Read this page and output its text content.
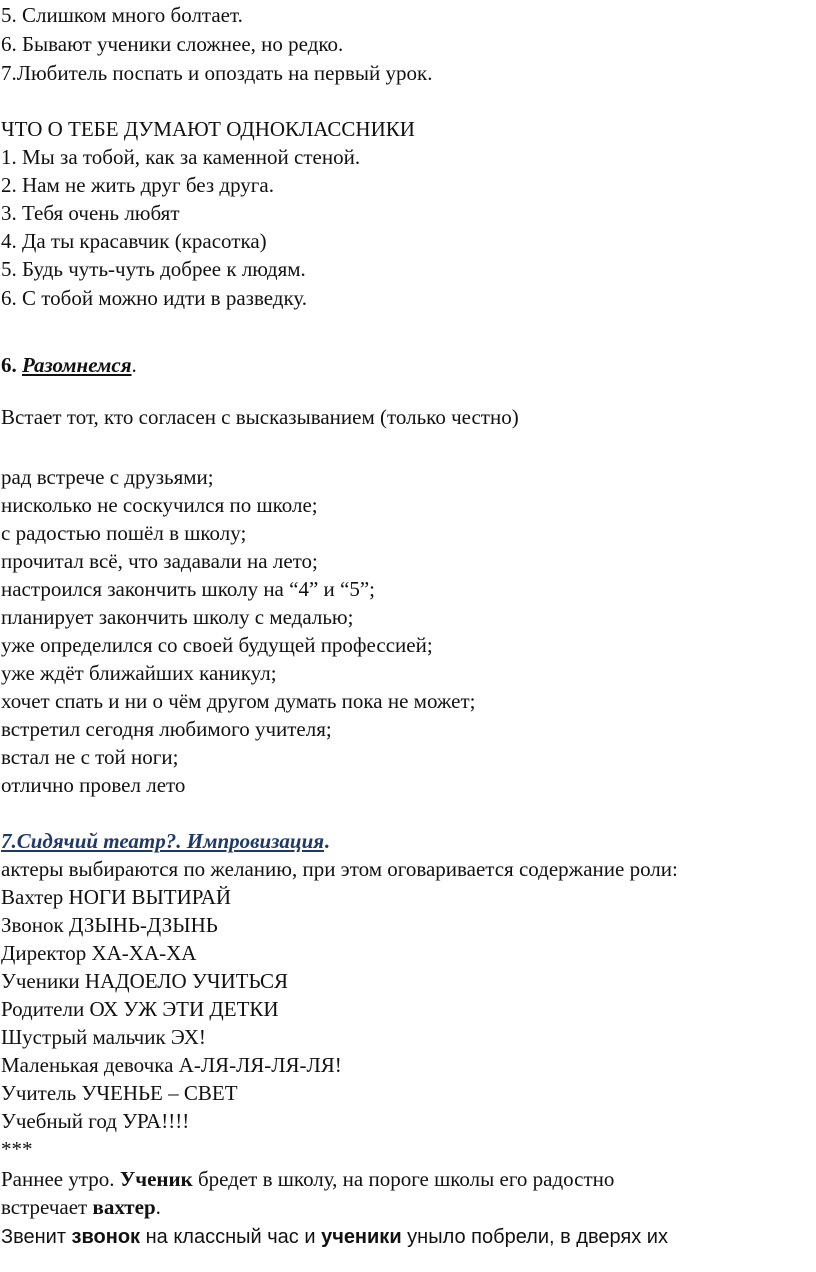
5. Слишком много болтает.
6. Бывают ученики сложнее, но редко.
7.Любитель поспать и опоздать на первый урок.
ЧТО О ТЕБЕ ДУМАЮТ ОДНОКЛАССНИКИ
1. Мы за тобой, как за каменной стеной.
2. Нам не жить друг без друга.
3. Тебя очень любят
4. Да ты красавчик (красотка)
5. Будь чуть-чуть добрее к людям.
6. С тобой можно идти в разведку.
6. Разомнемся.
Встает тот, кто согласен с высказыванием (только честно)
рад встрече с друзьями;
нисколько не соскучился по школе;
с радостью пошёл в школу;
прочитал всё, что задавали на лето;
настроился закончить школу на “4” и “5”;
планирует закончить школу с медалью;
уже определился со своей будущей профессией;
уже ждёт ближайших каникул;
хочет спать и ни о чём другом думать пока не может;
встретил сегодня любимого учителя;
встал не с той ноги;
отлично провел лето
7.Сидячий театр?. Импровизация.
актеры выбираются по желанию, при этом оговаривается содержание роли:
Вахтер НОГИ ВЫТИРАЙ
Звонок ДЗЫНЬ-ДЗЫНЬ
Директор ХА-ХА-ХА
Ученики НАДОЕЛО УЧИТЬСЯ
Родители ОХ УЖ ЭТИ ДЕТКИ
Шустрый мальчик ЭХ!
Маленькая девочка А-ЛЯ-ЛЯ-ЛЯ-ЛЯ!
Учитель УЧЕНЬЕ – СВЕТ
Учебный год УРА!!!!
***
Раннее утро. Ученик бредет в школу, на пороге школы его радостно
встречает вахтер.
Звенит звонок на классный час и ученики уныло побрели, в дверях их
